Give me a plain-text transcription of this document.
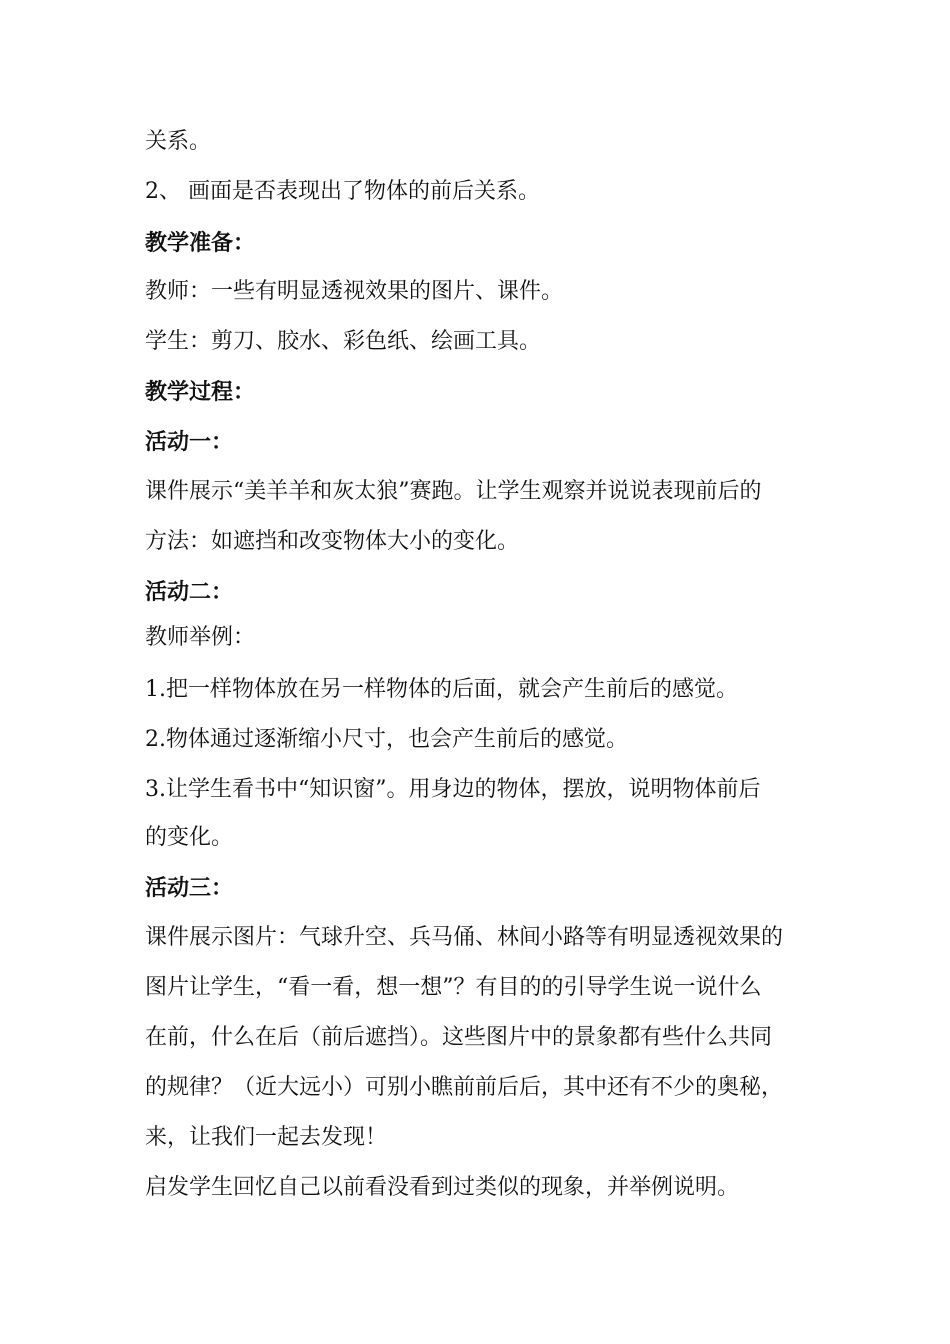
关系。
2、 画面是否表现出了物体的前后关系。
教学准备：
教师：一些有明显透视效果的图片、课件。
学生：剪刀、胶水、彩色纸、绘画工具。
教学过程：
活动一：
课件展示“美羊羊和灰太狼”赛跑。让学生观察并说说表现前后的
方法：如遮挡和改变物体大小的变化。
活动二：
教师举例：
1.把一样物体放在另一样物体的后面，就会产生前后的感觉。
2.物体通过逐渐缩小尺寸，也会产生前后的感觉。
3.让学生看书中“知识窗”。用身边的物体，摆放，说明物体前后
的变化。
活动三：
课件展示图片：气球升空、兵马俑、林间小路等有明显透视效果的
图片让学生，“看一看，想一想”？有目的的引导学生说一说什么
在前，什么在后（前后遮挡）。这些图片中的景象都有些什么共同
的规律？（近大远小）可别小瞧前前后后，其中还有不少的奥秘，
来，让我们一起去发现！
启发学生回忆自己以前看没看到过类似的现象，并举例说明。
